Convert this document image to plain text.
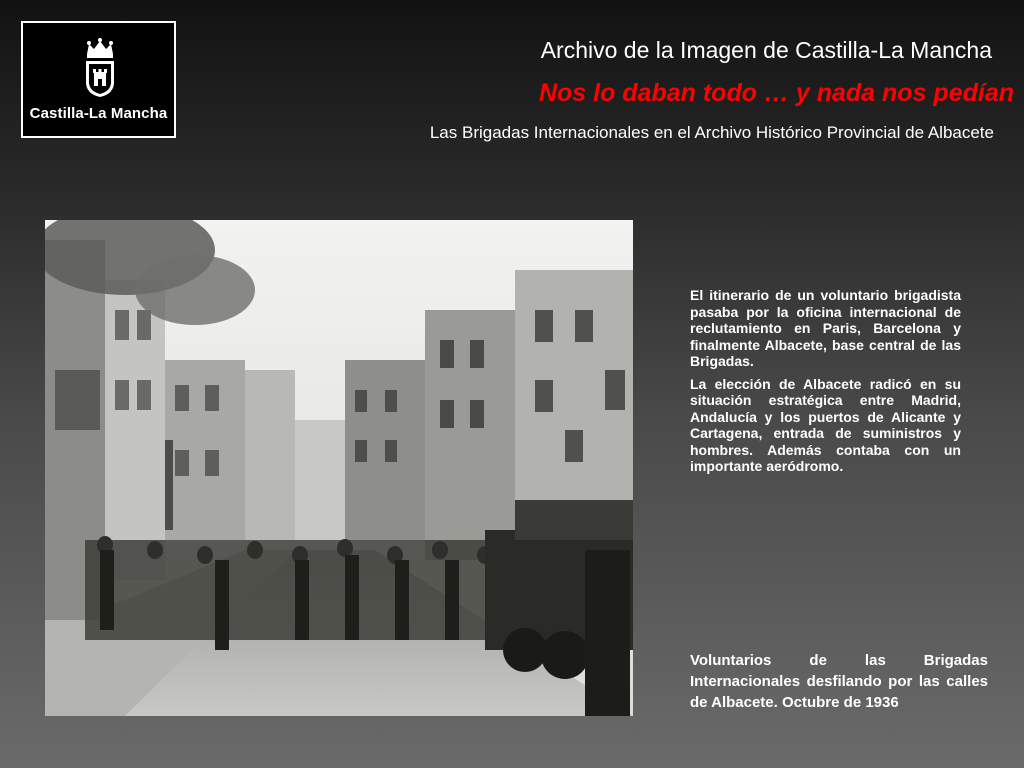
Castilla-La Mancha
Archivo de la Imagen de Castilla-La Mancha
Nos lo daban todo … y nada nos pedían
Las Brigadas Internacionales en el Archivo Histórico Provincial de Albacete

El itinerario de un voluntario brigadista pasaba por la oficina internacional de reclutamiento en Paris, Barcelona y finalmente Albacete, base central de las Brigadas.

La elección de Albacete radicó en su situación estratégica entre Madrid, Andalucía y los puertos de Alicante y Cartagena, entrada de suministros y hombres. Además contaba con un importante aeródromo.

Voluntarios de las Brigadas Internacionales desfilando por las calles de Albacete. Octubre de 1936
